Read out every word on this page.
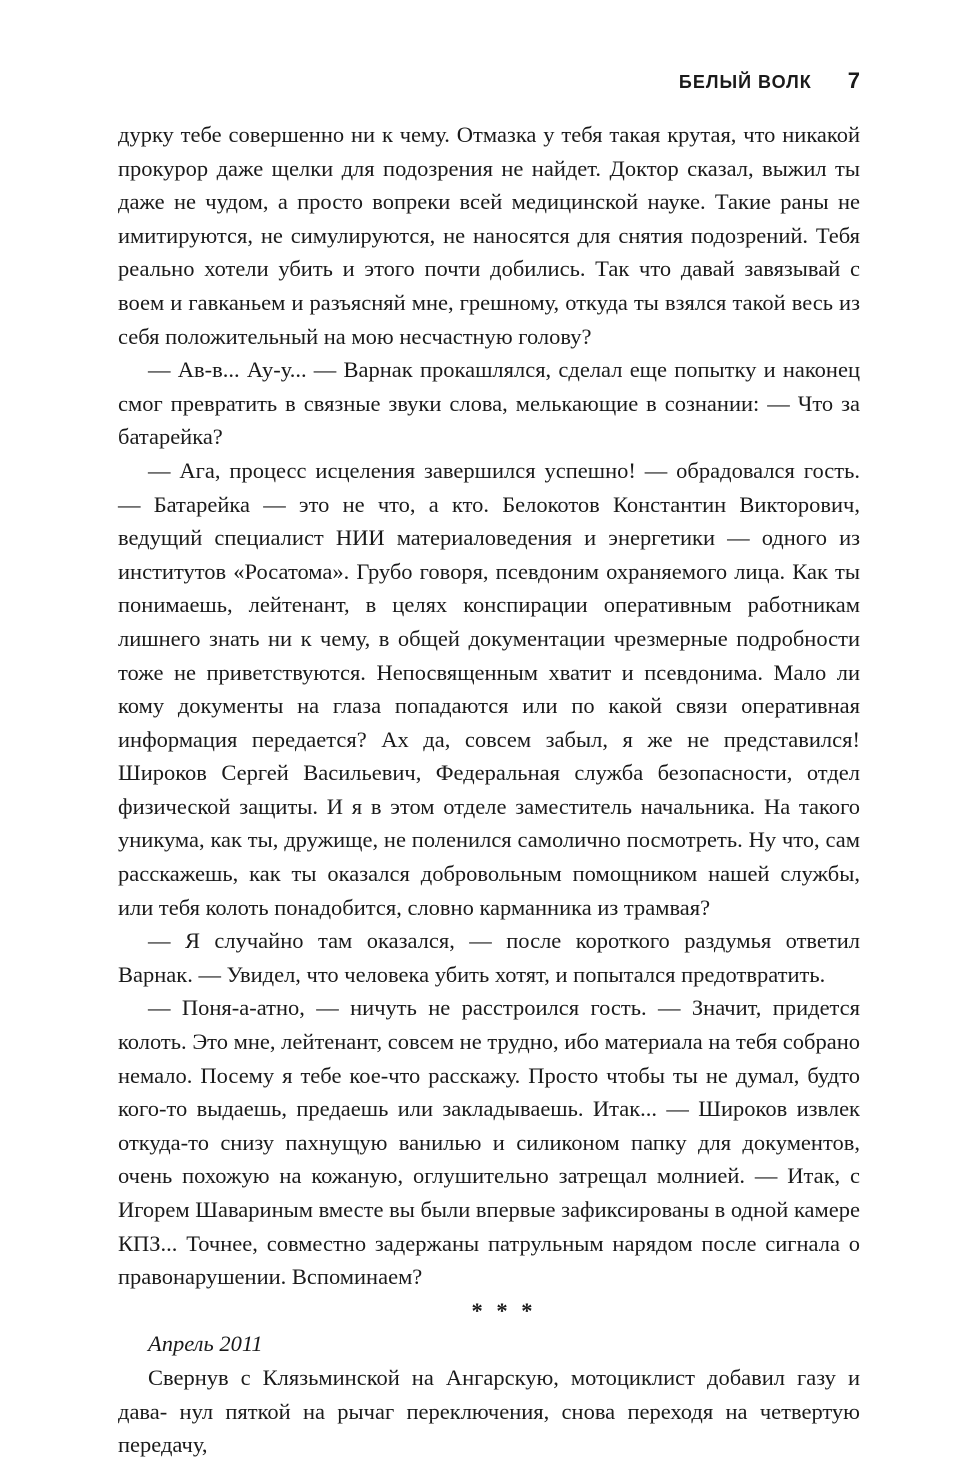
БЕЛЫЙ ВОЛК 7

дурку тебе совершенно ни к чему. Отмазка у тебя такая крутая, что никакой прокурор даже щелки для подозрения не найдет. Доктор сказал, выжил ты даже не чудом, а просто вопреки всей медицинской науке. Такие раны не имитируются, не симулируются, не наносятся для снятия подозрений. Тебя реально хотели убить и этого почти добились. Так что давай завязывай с воем и гавканьем и разъясняй мне, грешному, откуда ты взялся такой весь из себя положительный на мою несчастную голову?

— Ав-в... Ау-у... — Варнак прокашлялся, сделал еще попытку и наконец смог превратить в связные звуки слова, мелькающие в сознании: — Что за батарейка?

— Ага, процесс исцеления завершился успешно! — обрадовался гость. — Батарейка — это не что, а кто. Белокотов Константин Викторович, ведущий специалист НИИ материаловедения и энергетики — одного из институтов «Росатома». Грубо говоря, псевдоним охраняемого лица. Как ты понимаешь, лейтенант, в целях конспирации оперативным работникам лишнего знать ни к чему, в общей документации чрезмерные подробности тоже не приветствуются. Непосвященным хватит и псевдонима. Мало ли кому документы на глаза попадаются или по какой связи оперативная информация передается? Ах да, совсем забыл, я же не представился! Широков Сергей Васильевич, Федеральная служба безопасности, отдел физической защиты. И я в этом отделе заместитель начальника. На такого уникума, как ты, дружище, не поленился самолично посмотреть. Ну что, сам расскажешь, как ты оказался добровольным помощником нашей службы, или тебя колоть понадобится, словно карманника из трамвая?

— Я случайно там оказался, — после короткого раздумья ответил Варнак. — Увидел, что человека убить хотят, и попытался предотвратить.

— Поня-а-атно, — ничуть не расстроился гость. — Значит, придется колоть. Это мне, лейтенант, совсем не трудно, ибо материала на тебя собрано немало. Посему я тебе кое-что расскажу. Просто чтобы ты не думал, будто кого-то выдаешь, предаешь или закладываешь. Итак... — Широков извлек откуда-то снизу пахнущую ванилью и силиконом папку для документов, очень похожую на кожаную, оглушительно затрещал молнией. — Итак, с Игорем Шавариным вместе вы были впервые зафиксированы в одной камере КПЗ... Точнее, совместно задержаны патрульным нарядом после сигнала о правонарушении. Вспоминаем?

* * *

Апрель 2011

Свернув с Клязьминской на Ангарскую, мотоциклист добавил газу и дава- нул пяткой на рычаг переключения, снова переходя на четвертую передачу,
